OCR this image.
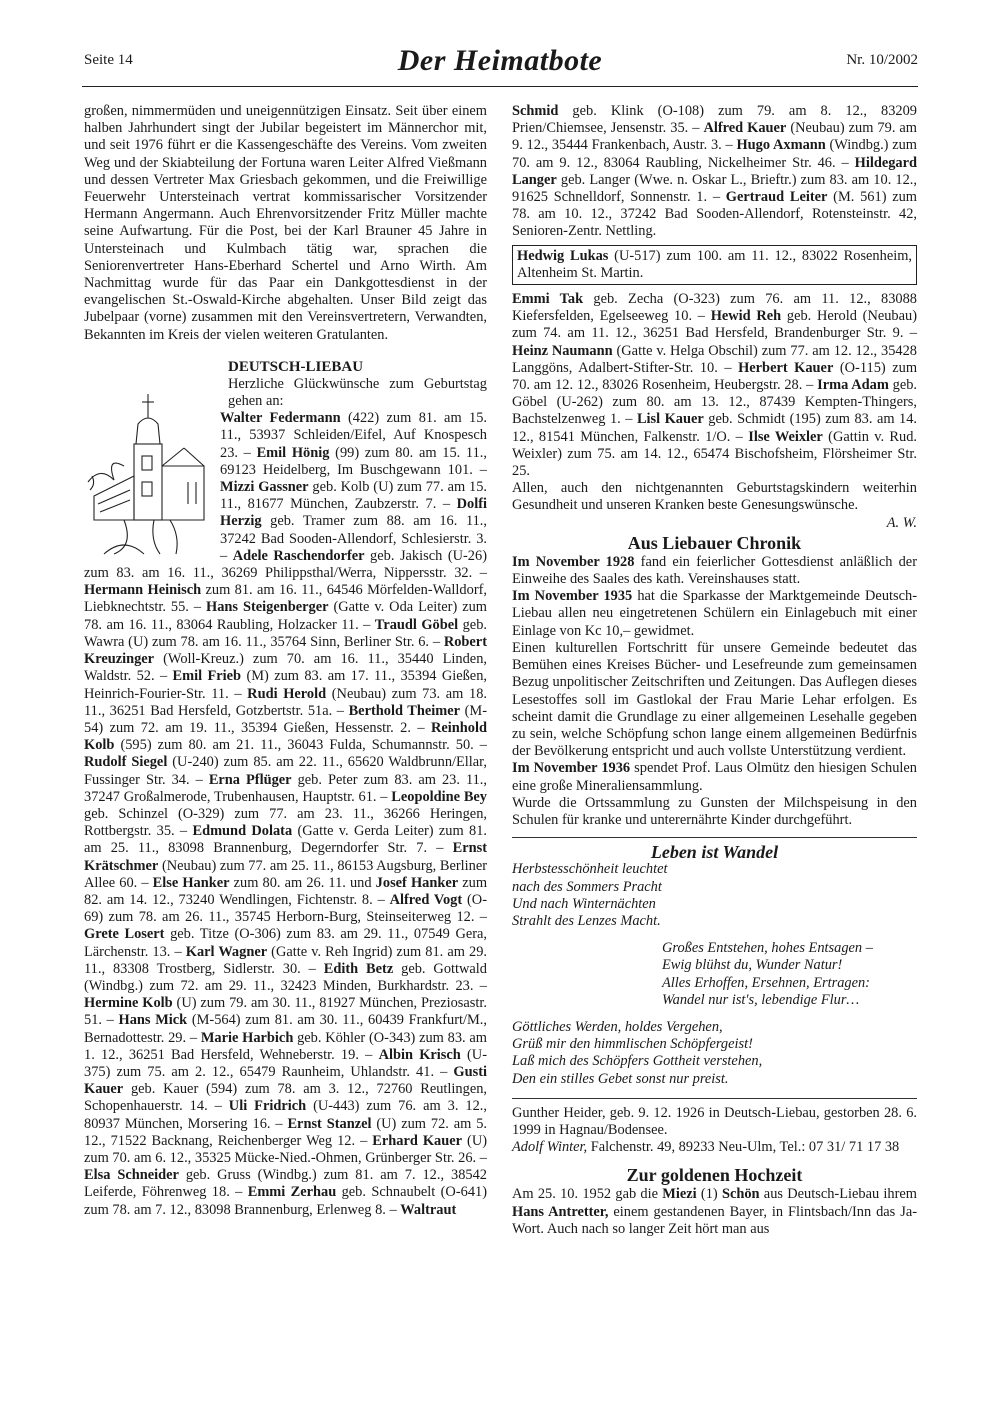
Seite 14	Der Heimatbote	Nr. 10/2002

großen, nimmermüden und uneigennützigen Einsatz. Seit über einem halben Jahrhundert singt der Jubilar begeistert im Männerchor mit, und seit 1976 führt er die Kassengeschäfte des Vereins. Vom zweiten Weg und der Skiabteilung der Fortuna waren Leiter Alfred Vießmann und dessen Vertreter Max Griesbach gekommen, und die Freiwillige Feuerwehr Untersteinach vertrat kommissarischer Vorsitzender Hermann Angermann. Auch Ehrenvorsitzender Fritz Müller machte seine Aufwartung. Für die Post, bei der Karl Brauner 45 Jahre in Untersteinach und Kulmbach tätig war, sprachen die Seniorenvertreter Hans-Eberhard Schertel und Arno Wirth. Am Nachmittag wurde für das Paar ein Dankgottesdienst in der evangelischen St.-Oswald-Kirche abgehalten. Unser Bild zeigt das Jubelpaar (vorne) zusammen mit den Vereinsvertretern, Verwandten, Bekannten im Kreis der vielen weiteren Gratulanten.

DEUTSCH-LIEBAU

Herzliche Glückwünsche zum Geburtstag gehen an:

Walter Federmann (422) zum 81. am 15. 11., 53937 Schleiden/Eifel, Auf Knospesch 23. – Emil Hönig (99) zum 80. am 15. 11., 69123 Heidelberg, Im Buschgewann 101. – Mizzi Gassner geb. Kolb (U) zum 77. am 15. 11., 81677 München, Zaubzerstr. 7. – Dolfi Herzig geb. Tramer zum 88. am 16. 11., 37242 Bad Sooden-Allendorf, Schlesierstr. 3. – Adele Raschendorfer geb. Jakisch (U-26) zum 83. am 16. 11., 36269 Philippsthal/Werra, Nippersstr. 32. – Hermann Heinisch zum 81. am 16. 11., 64546 Mörfelden-Walldorf, Liebknechtstr. 55. – Hans Steigenberger (Gatte v. Oda Leiter) zum 78. am 16. 11., 83064 Raubling, Holzacker 11. – Traudl Göbel geb. Wawra (U) zum 78. am 16. 11., 35764 Sinn, Berliner Str. 6. – Robert Kreuzinger (Woll-Kreuz.) zum 70. am 16. 11., 35440 Linden, Waldstr. 52. – Emil Frieb (M) zum 83. am 17. 11., 35394 Gießen, Heinrich-Fourier-Str. 11. – Rudi Herold (Neubau) zum 73. am 18. 11., 36251 Bad Hersfeld, Gotzbertstr. 51a. – Berthold Theimer (M-54) zum 72. am 19. 11., 35394 Gießen, Hessenstr. 2. – Reinhold Kolb (595) zum 80. am 21. 11., 36043 Fulda, Schumannstr. 50. – Rudolf Siegel (U-240) zum 85. am 22. 11., 65620 Waldbrunn/Ellar, Fussinger Str. 34. – Erna Pflüger geb. Peter zum 83. am 23. 11., 37247 Großalmerode, Trubenhausen, Hauptstr. 61. – Leopoldine Bey geb. Schinzel (O-329) zum 77. am 23. 11., 36266 Heringen, Rottbergstr. 35. – Edmund Dolata (Gatte v. Gerda Leiter) zum 81. am 25. 11., 83098 Brannenburg, Degerndorfer Str. 7. – Ernst Krätschmer (Neubau) zum 77. am 25. 11., 86153 Augsburg, Berliner Allee 60. – Else Hanker zum 80. am 26. 11. und Josef Hanker zum 82. am 14. 12., 73240 Wendlingen, Fichtenstr. 8. – Alfred Vogt (O-69) zum 78. am 26. 11., 35745 Herborn-Burg, Steinseiterweg 12. – Grete Losert geb. Titze (O-306) zum 83. am 29. 11., 07549 Gera, Lärchenstr. 13. – Karl Wagner (Gatte v. Reh Ingrid) zum 81. am 29. 11., 83308 Trostberg, Sidlerstr. 30. – Edith Betz geb. Gottwald (Windbg.) zum 72. am 29. 11., 32423 Minden, Burkhardstr. 23. – Hermine Kolb (U) zum 79. am 30. 11., 81927 München, Preziosastr. 51. – Hans Mick (M-564) zum 81. am 30. 11., 60439 Frankfurt/M., Bernadottestr. 29. – Marie Harbich geb. Köhler (O-343) zum 83. am 1. 12., 36251 Bad Hersfeld, Wehneberstr. 19. – Albin Krisch (U-375) zum 75. am 2. 12., 65479 Raunheim, Uhlandstr. 41. – Gusti Kauer geb. Kauer (594) zum 78. am 3. 12., 72760 Reutlingen, Schopenhauerstr. 14. – Uli Fridrich (U-443) zum 76. am 3. 12., 80937 München, Morsering 16. – Ernst Stanzel (U) zum 72. am 5. 12., 71522 Backnang, Reichenberger Weg 12. – Erhard Kauer (U) zum 70. am 6. 12., 35325 Mücke-Nied.-Ohmen, Grünberger Str. 26. – Elsa Schneider geb. Gruss (Windbg.) zum 81. am 7. 12., 38542 Leiferde, Föhrenweg 18. – Emmi Zerhau geb. Schnaubelt (O-641) zum 78. am 7. 12., 83098 Brannenburg, Erlenweg 8. – Waltraut

Schmid geb. Klink (O-108) zum 79. am 8. 12., 83209 Prien/Chiemsee, Jensenstr. 35. – Alfred Kauer (Neubau) zum 79. am 9. 12., 35444 Frankenbach, Austr. 3. – Hugo Axmann (Windbg.) zum 70. am 9. 12., 83064 Raubling, Nickelheimer Str. 46. – Hildegard Langer geb. Langer (Wwe. n. Oskar L., Brieftr.) zum 83. am 10. 12., 91625 Schnelldorf, Sonnenstr. 1. – Gertraud Leiter (M. 561) zum 78. am 10. 12., 37242 Bad Sooden-Allendorf, Rotensteinstr. 42, Senioren-Zentr. Nettling.

Hedwig Lukas (U-517) zum 100. am 11. 12., 83022 Rosenheim, Altenheim St. Martin.

Emmi Tak geb. Zecha (O-323) zum 76. am 11. 12., 83088 Kiefersfelden, Egelseeweg 10. – Hewid Reh geb. Herold (Neubau) zum 74. am 11. 12., 36251 Bad Hersfeld, Brandenburger Str. 9. – Heinz Naumann (Gatte v. Helga Obschil) zum 77. am 12. 12., 35428 Langgöns, Adalbert-Stifter-Str. 10. – Herbert Kauer (O-115) zum 70. am 12. 12., 83026 Rosenheim, Heubergstr. 28. – Irma Adam geb. Göbel (U-262) zum 80. am 13. 12., 87439 Kempten-Thingers, Bachstelzenweg 1. – Lisl Kauer geb. Schmidt (195) zum 83. am 14. 12., 81541 München, Falkenstr. 1/O. – Ilse Weixler (Gattin v. Rud. Weixler) zum 75. am 14. 12., 65474 Bischofsheim, Flörsheimer Str. 25.

Allen, auch den nichtgenannten Geburtstagskindern weiterhin Gesundheit und unseren Kranken beste Genesungswünsche.

A. W.

Aus Liebauer Chronik

Im November 1928 fand ein feierlicher Gottesdienst anläßlich der Einweihe des Saales des kath. Vereinshauses statt.

Im November 1935 hat die Sparkasse der Marktgemeinde Deutsch-Liebau allen neu eingetretenen Schülern ein Einlagebuch mit einer Einlage von Kc 10,– gewidmet.

Einen kulturellen Fortschritt für unsere Gemeinde bedeutet das Bemühen eines Kreises Bücher- und Lesefreunde zum gemeinsamen Bezug unpolitischer Zeitschriften und Zeitungen. Das Auflegen dieses Lesestoffes soll im Gastlokal der Frau Marie Lehar erfolgen. Es scheint damit die Grundlage zu einer allgemeinen Lesehalle gegeben zu sein, welche Schöpfung schon lange einem allgemeinen Bedürfnis der Bevölkerung entspricht und auch vollste Unterstützung verdient.

Im November 1936 spendet Prof. Laus Olmütz den hiesigen Schulen eine große Mineraliensammlung.

Wurde die Ortssammlung zu Gunsten der Milchspeisung in den Schulen für kranke und unterernährte Kinder durchgeführt.

Leben ist Wandel

Herbstesschönheit leuchtet
nach des Sommers Pracht
Und nach Winternächten
Strahlt des Lenzes Macht.
Großes Entstehen, hohes Entsagen –
Ewig blühst du, Wunder Natur!
Alles Erhoffen, Ersehnen, Ertragen:
Wandel nur ist's, lebendige Flur…
Göttliches Werden, holdes Vergehen,
Grüß mir den himmlischen Schöpfergeist!
Laß mich des Schöpfers Gottheit verstehen,
Den ein stilles Gebet sonst nur preist.

Gunther Heider, geb. 9. 12. 1926 in Deutsch-Liebau, gestorben 28. 6. 1999 in Hagnau/Bodensee.

Adolf Winter, Falchenstr. 49, 89233 Neu-Ulm, Tel.: 07 31/ 71 17 38

Zur goldenen Hochzeit

Am 25. 10. 1952 gab die Miezi (1) Schön aus Deutsch-Liebau ihrem Hans Antretter, einem gestandenen Bayer, in Flintsbach/Inn das Ja-Wort. Auch nach so langer Zeit hört man aus
